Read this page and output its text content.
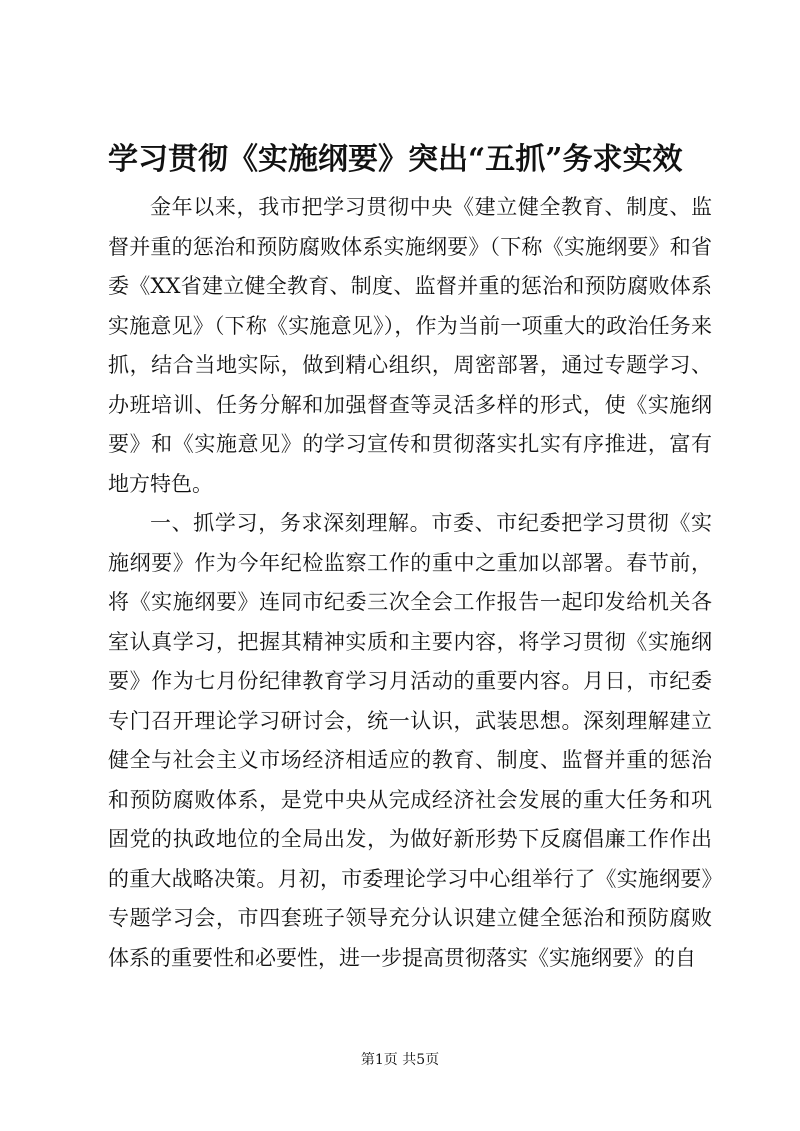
学习贯彻《实施纲要》突出“五抓”务求实效

金年以来，我市把学习贯彻中央《建立健全教育、制度、监督并重的惩治和预防腐败体系实施纲要》（下称《实施纲要》和省委《XX省建立健全教育、制度、监督并重的惩治和预防腐败体系实施意见》（下称《实施意见》），作为当前一项重大的政治任务来抓，结合当地实际，做到精心组织，周密部署，通过专题学习、办班培训、任务分解和加强督查等灵活多样的形式，使《实施纲要》和《实施意见》的学习宣传和贯彻落实扎实有序推进，富有地方特色。

一、抓学习，务求深刻理解。市委、市纪委把学习贯彻《实施纲要》作为今年纪检监察工作的重中之重加以部署。春节前，将《实施纲要》连同市纪委三次全会工作报告一起印发给机关各室认真学习，把握其精神实质和主要内容，将学习贯彻《实施纲要》作为七月份纪律教育学习月活动的重要内容。月日，市纪委专门召开理论学习研讨会，统一认识，武装思想。深刻理解建立健全与社会主义市场经济相适应的教育、制度、监督并重的惩治和预防腐败体系，是党中央从完成经济社会发展的重大任务和巩固党的执政地位的全局出发，为做好新形势下反腐倡廉工作作出的重大战略决策。月初，市委理论学习中心组举行了《实施纲要》专题学习会，市四套班子领导充分认识建立健全惩治和预防腐败体系的重要性和必要性，进一步提高贯彻落实《实施纲要》的自

第1页 共5页
